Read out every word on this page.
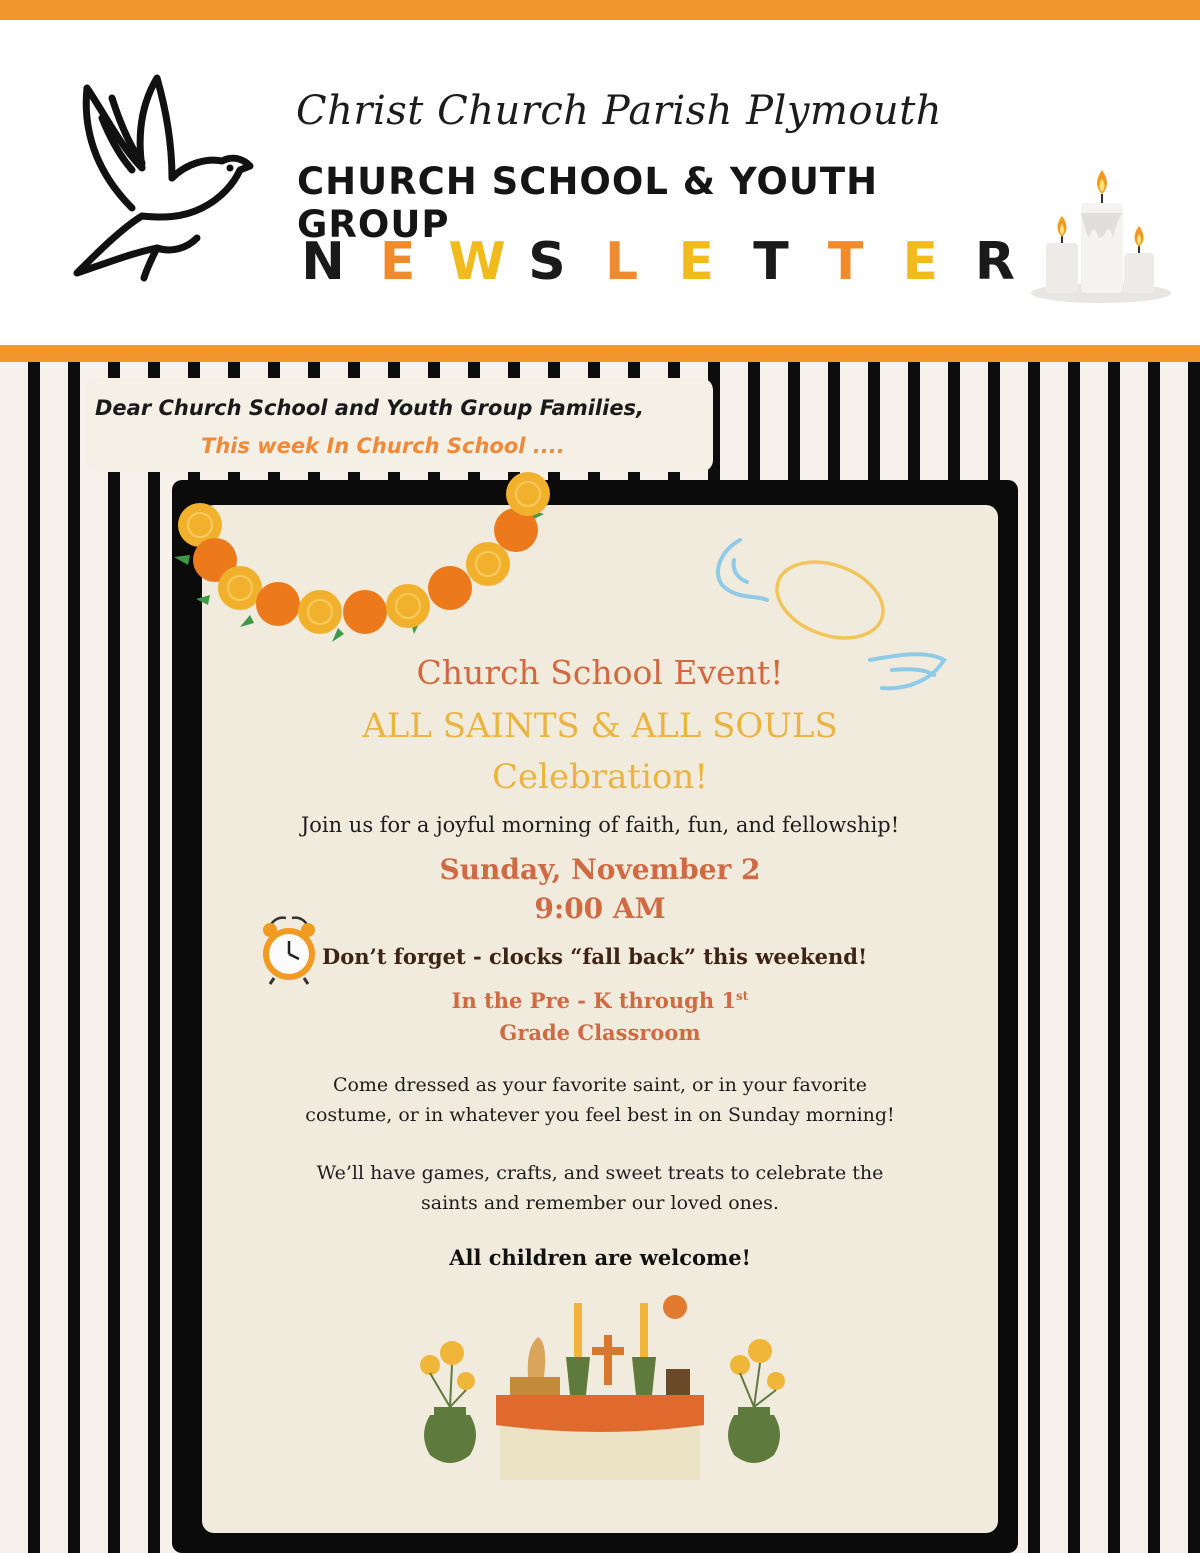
Christ Church Parish Plymouth
CHURCH SCHOOL & YOUTH GROUP
N E W S L E T T E R
Dear Church School and Youth Group Families,
This week In Church School ....
Church School Event!
ALL SAINTS & ALL SOULS
Celebration!
Join us for a joyful morning of faith, fun, and fellowship!
Sunday, November 2
9:00 AM
Don’t forget - clocks “fall back” this weekend!
In the Pre - K through 1st
Grade Classroom
Come dressed as your favorite saint, or in your favorite
costume, or in whatever you feel best in on Sunday morning!
We’ll have games, crafts, and sweet treats to celebrate the
saints and remember our loved ones.
All children are welcome!
